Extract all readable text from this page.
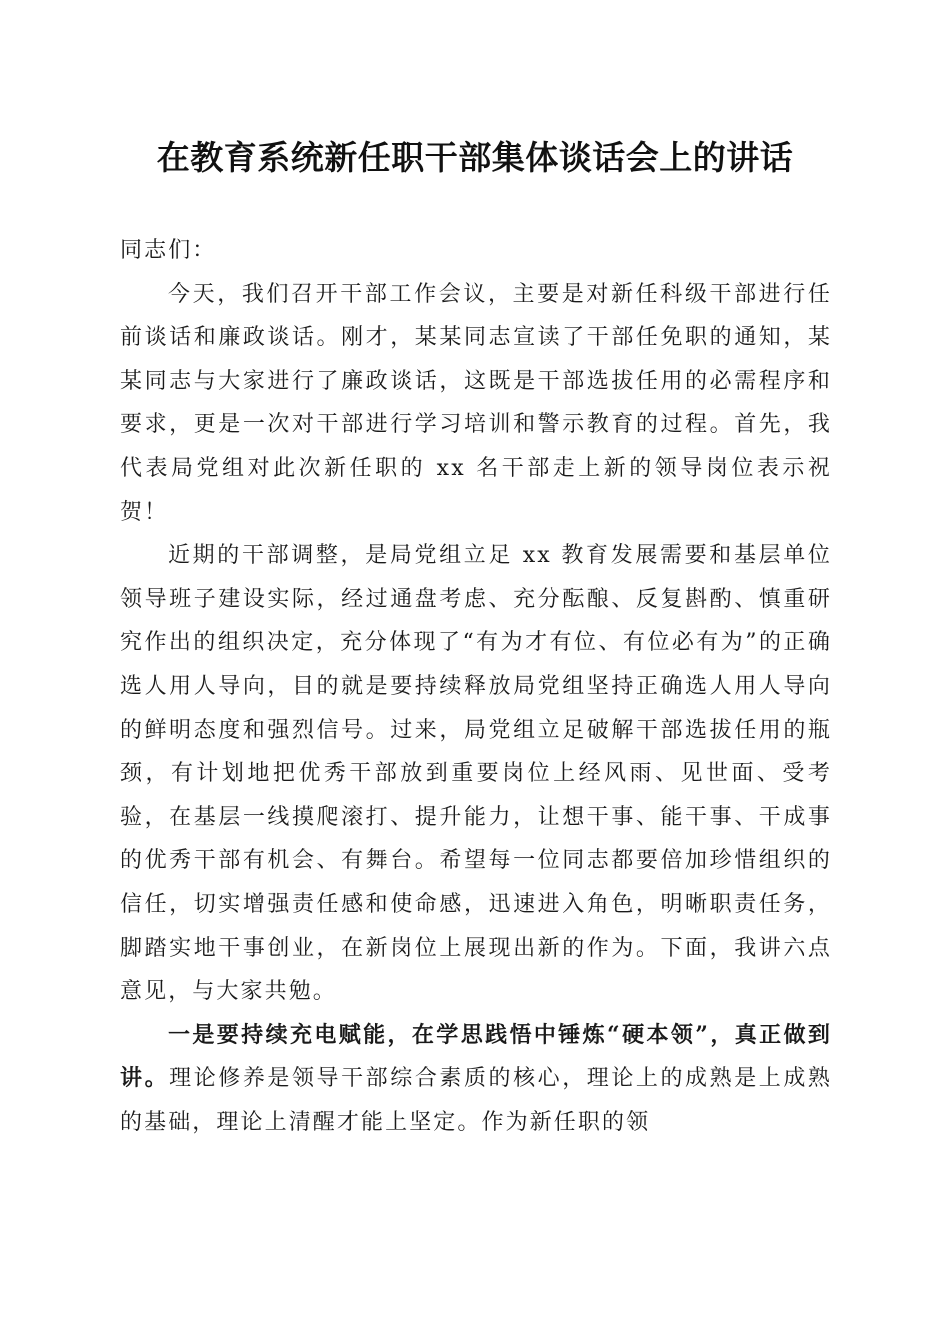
在教育系统新任职干部集体谈话会上的讲话

同志们：

今天，我们召开干部工作会议，主要是对新任科级干部进行任前谈话和廉政谈话。刚才，某某同志宣读了干部任免职的通知，某某同志与大家进行了廉政谈话，这既是干部选拔任用的必需程序和要求，更是一次对干部进行学习培训和警示教育的过程。首先，我代表局党组对此次新任职的 xx 名干部走上新的领导岗位表示祝贺！

近期的干部调整，是局党组立足 xx 教育发展需要和基层单位领导班子建设实际，经过通盘考虑、充分酝酿、反复斟酌、慎重研究作出的组织决定，充分体现了“有为才有位、有位必有为”的正确选人用人导向，目的就是要持续释放局党组坚持正确选人用人导向的鲜明态度和强烈信号。过来，局党组立足破解干部选拔任用的瓶颈，有计划地把优秀干部放到重要岗位上经风雨、见世面、受考验，在基层一线摸爬滚打、提升能力，让想干事、能干事、干成事的优秀干部有机会、有舞台。希望每一位同志都要倍加珍惜组织的信任，切实增强责任感和使命感，迅速进入角色，明晰职责任务，脚踏实地干事创业，在新岗位上展现出新的作为。下面，我讲六点意见，与大家共勉。

一是要持续充电赋能，在学思践悟中锤炼“硬本领”，真正做到讲。理论修养是领导干部综合素质的核心，理论上的成熟是上成熟的基础，理论上清醒才能上坚定。作为新任职的领
